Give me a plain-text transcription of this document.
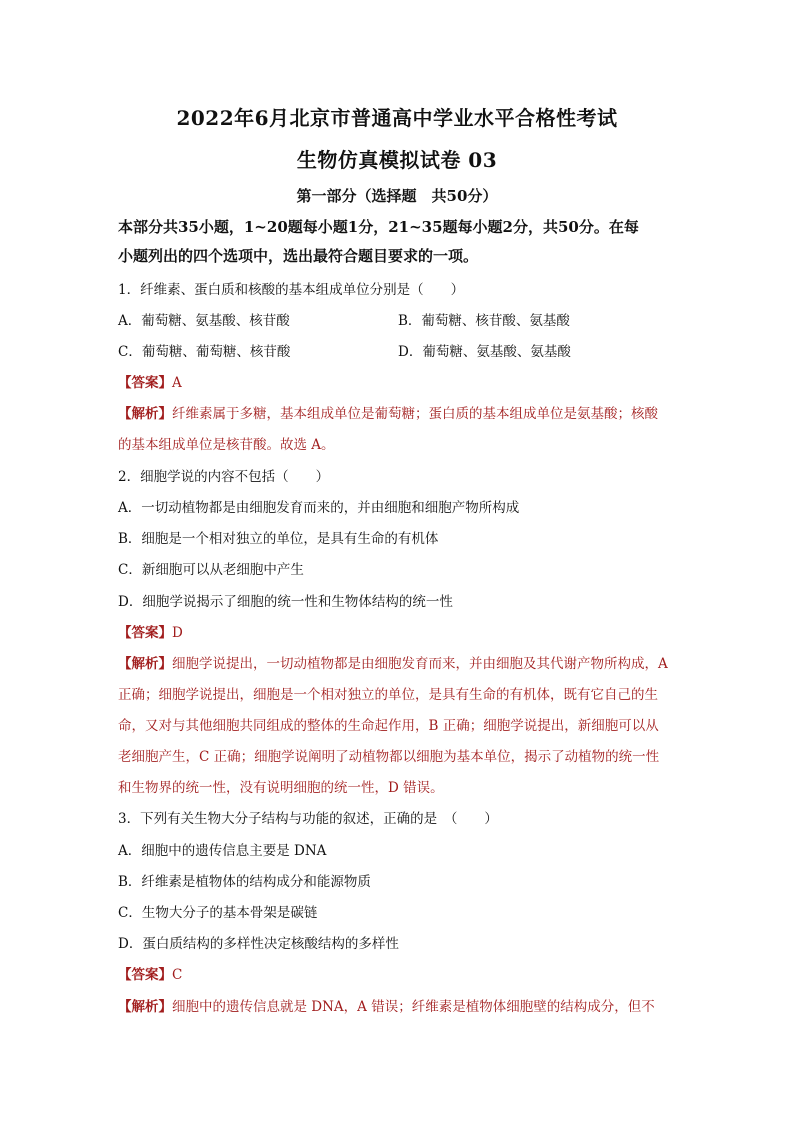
2022年6月北京市普通高中学业水平合格性考试
生物仿真模拟试卷 03
第一部分（选择题　共50分）
本部分共35小题，1~20题每小题1分，21~35题每小题2分，共50分。在每
小题列出的四个选项中，选出最符合题目要求的一项。
1．纤维素、蛋白质和核酸的基本组成单位分别是（　　）
A．葡萄糖、氨基酸、核苷酸	B．葡萄糖、核苷酸、氨基酸
C．葡萄糖、葡萄糖、核苷酸	D．葡萄糖、氨基酸、氨基酸
【答案】A
【解析】纤维素属于多糖，基本组成单位是葡萄糖；蛋白质的基本组成单位是氨基酸；核酸
的基本组成单位是核苷酸。故选 A。
2．细胞学说的内容不包括（　　）
A．一切动植物都是由细胞发育而来的，并由细胞和细胞产物所构成
B．细胞是一个相对独立的单位，是具有生命的有机体
C．新细胞可以从老细胞中产生
D．细胞学说揭示了细胞的统一性和生物体结构的统一性
【答案】D
【解析】细胞学说提出，一切动植物都是由细胞发育而来，并由细胞及其代谢产物所构成，A
正确；细胞学说提出，细胞是一个相对独立的单位，是具有生命的有机体，既有它自己的生
命，又对与其他细胞共同组成的整体的生命起作用，B 正确；细胞学说提出，新细胞可以从
老细胞产生，C 正确；细胞学说阐明了动植物都以细胞为基本单位，揭示了动植物的统一性
和生物界的统一性，没有说明细胞的统一性，D 错误。
3．下列有关生物大分子结构与功能的叙述，正确的是　（　　）
A．细胞中的遗传信息主要是 DNA
B．纤维素是植物体的结构成分和能源物质
C．生物大分子的基本骨架是碳链
D．蛋白质结构的多样性决定核酸结构的多样性
【答案】C
【解析】细胞中的遗传信息就是 DNA，A 错误；纤维素是植物体细胞壁的结构成分，但不
